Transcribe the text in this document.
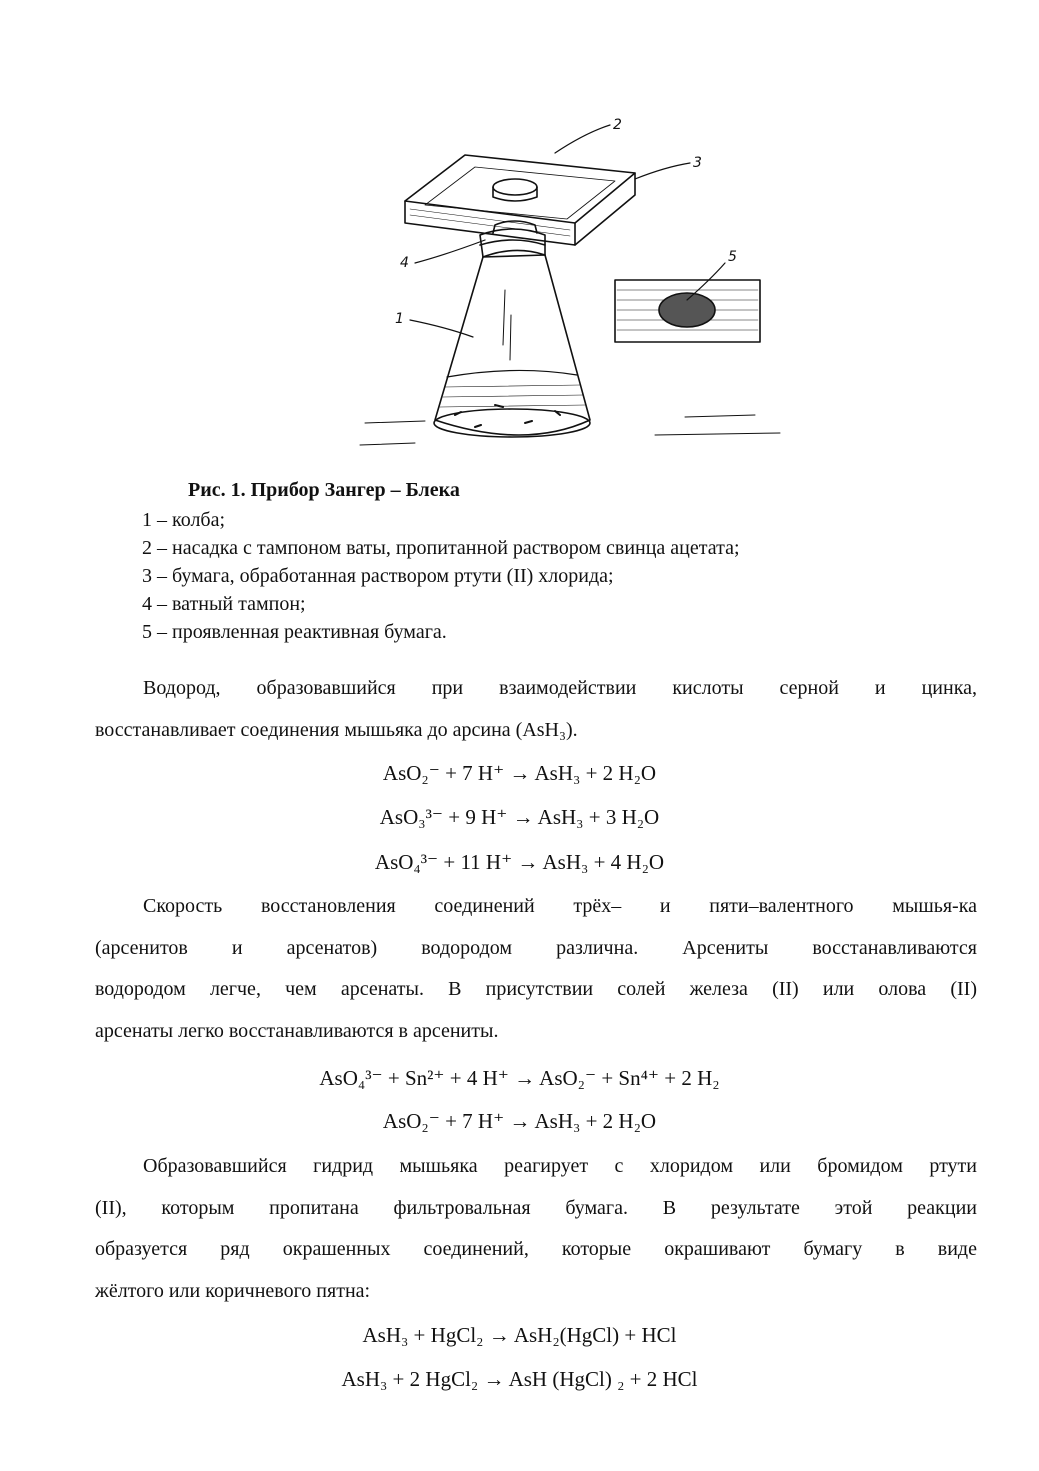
2
3
4
1
5
Рис. 1. Прибор Зангер – Блека
1 – колба;
2 – насадка с тампоном ваты, пропитанной раствором свинца ацетата;
3 – бумага, обработанная раствором ртути (II) хлорида;
4 – ватный тампон;
5 – проявленная реактивная бумага.
Водород, образовавшийся при взаимодействии кислоты серной и цинка,
восстанавливает соединения мышьяка до арсина (AsH₃).
AsO₂⁻ + 7 H⁺ → AsH₃ + 2 H₂O
AsO₃³⁻ + 9 H⁺ → AsH₃ + 3 H₂O
AsO₄³⁻ + 11 H⁺ → AsH₃ + 4 H₂O
Скорость восстановления соединений трёх– и пяти–валентного мышья-ка
(арсенитов и арсенатов) водородом различна. Арсениты восстанавливаются
водородом легче, чем арсенаты. В присутствии солей железа (II) или олова (II)
арсенаты легко восстанавливаются в арсениты.
AsO₄³⁻ + Sn²⁺ + 4 H⁺ → AsO₂⁻ + Sn⁴⁺ + 2 H₂
AsO₂⁻ + 7 H⁺ → AsH₃ + 2 H₂O
Образовавшийся гидрид мышьяка реагирует с хлоридом или бромидом ртути
(II), которым пропитана фильтровальная бумага. В результате этой реакции
образуется ряд окрашенных соединений, которые окрашивают бумагу в виде
жёлтого или коричневого пятна:
AsH₃ + HgCl₂ → AsH₂(HgCl) + HCl
AsH₃ + 2 HgCl₂ → AsH (HgCl) ₂ + 2 HCl
